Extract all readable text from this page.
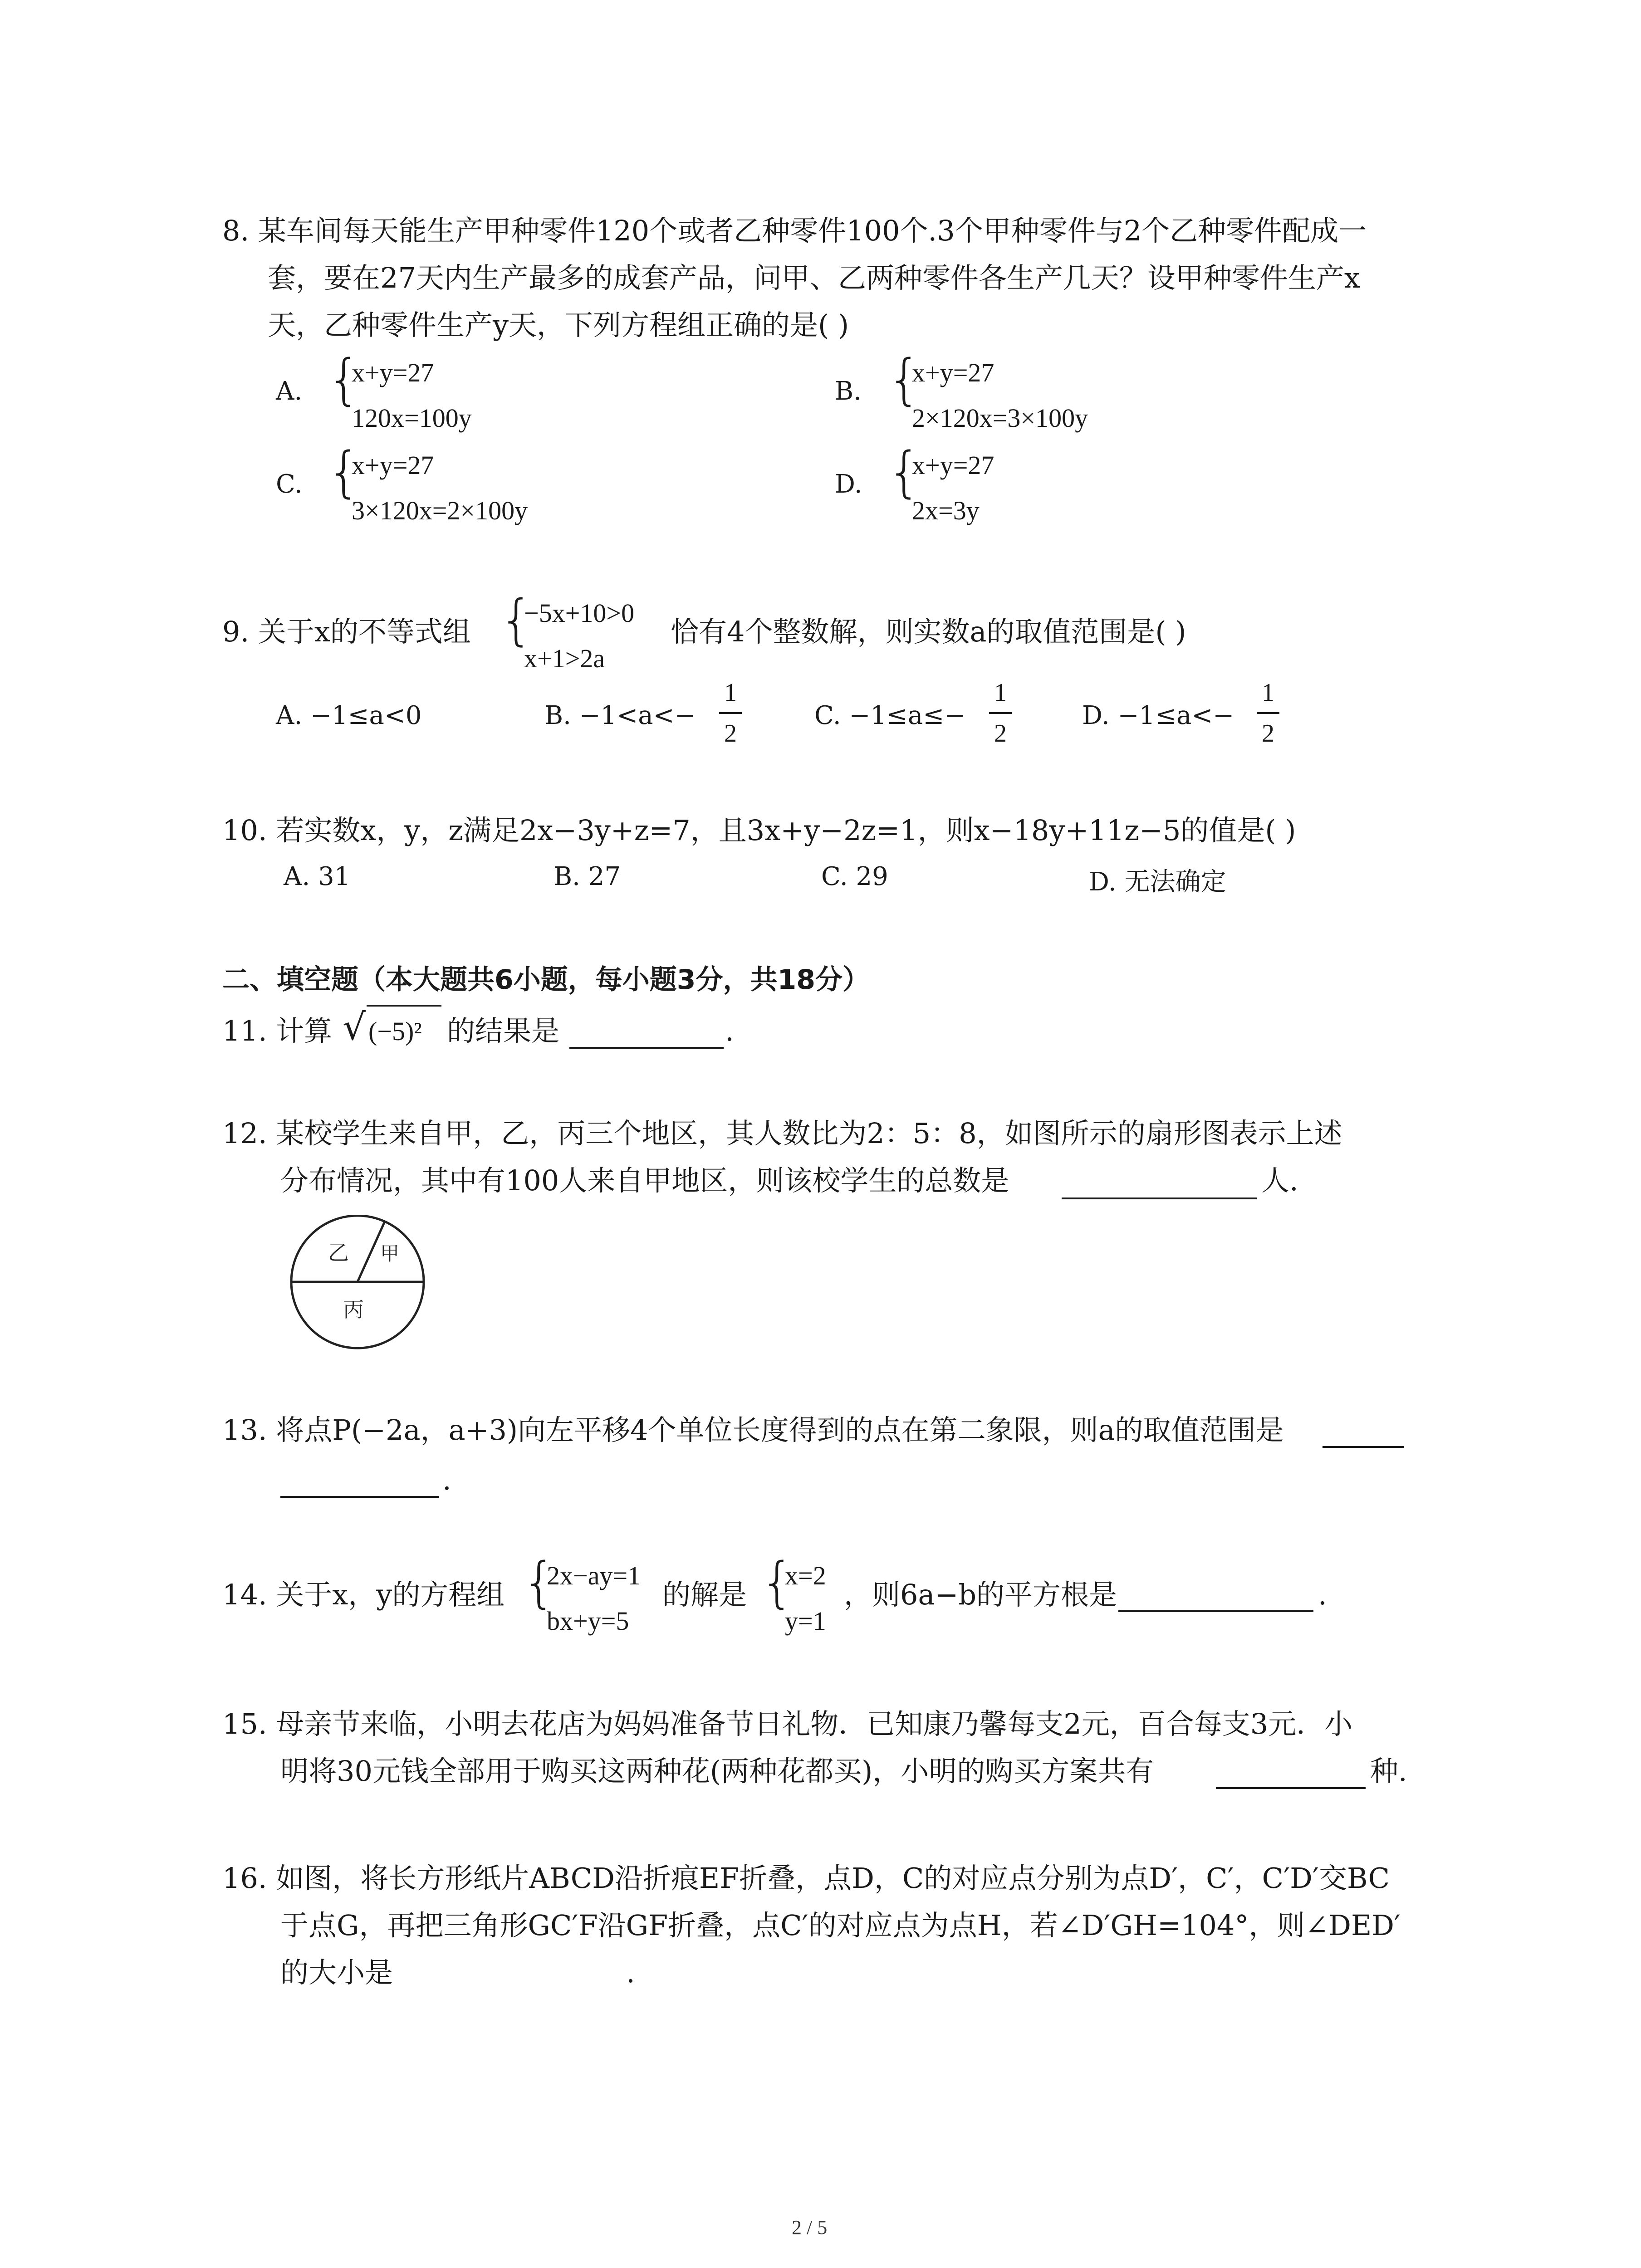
8. 某车间每天能生产甲种零件120个或者乙种零件100个.3个甲种零件与2个乙种零件配成一
套，要在27天内生产最多的成套产品，问甲、乙两种零件各生产几天？设甲种零件生产x
天，乙种零件生产y天，下列方程组正确的是( )
A. {
x+y=27
120x=100y
B. {
x+y=27
2×120x=3×100y
C. {
x+y=27
3×120x=2×100y
D. {
x+y=27
2x=3y
9. 关于x的不等式组 {
−5x+10>0
x+1>2a
恰有4个整数解，则实数a的取值范围是( )
A. −1≤a<0	B. −1<a<−
1
2
C. −1≤a≤−
1
2
D. −1≤a<−
1
2
10. 若实数x，y，z满足2x−3y+z=7，且3x+y−2z=1，则x−18y+11z−5的值是( )
A. 31	B. 27	C. 29	D. 无法确定
二、填空题（本大题共6小题，每小题3分，共18分）
11. 计算 √ (−5)² 的结果是	.
12. 某校学生来自甲，乙，丙三个地区，其人数比为2：5：8，如图所示的扇形图表示上述
分布情况，其中有100人来自甲地区，则该校学生的总数是	人.
乙 甲
丙
13. 将点P(−2a，a+3)向左平移4个单位长度得到的点在第二象限，则a的取值范围是
.
14. 关于x，y的方程组 {
2x−ay=1
bx+y=5
的解是 {
x=2
y=1
，则6a−b的平方根是	.
15. 母亲节来临，小明去花店为妈妈准备节日礼物．已知康乃馨每支2元，百合每支3元．小
明将30元钱全部用于购买这两种花(两种花都买)，小明的购买方案共有	种.
16. 如图，将长方形纸片ABCD沿折痕EF折叠，点D，C的对应点分别为点D′，C′，C′D′交BC
于点G，再把三角形GC′F沿GF折叠，点C′的对应点为点H，若∠D′GH=104°，则∠DED′
的大小是	.
2 / 5
